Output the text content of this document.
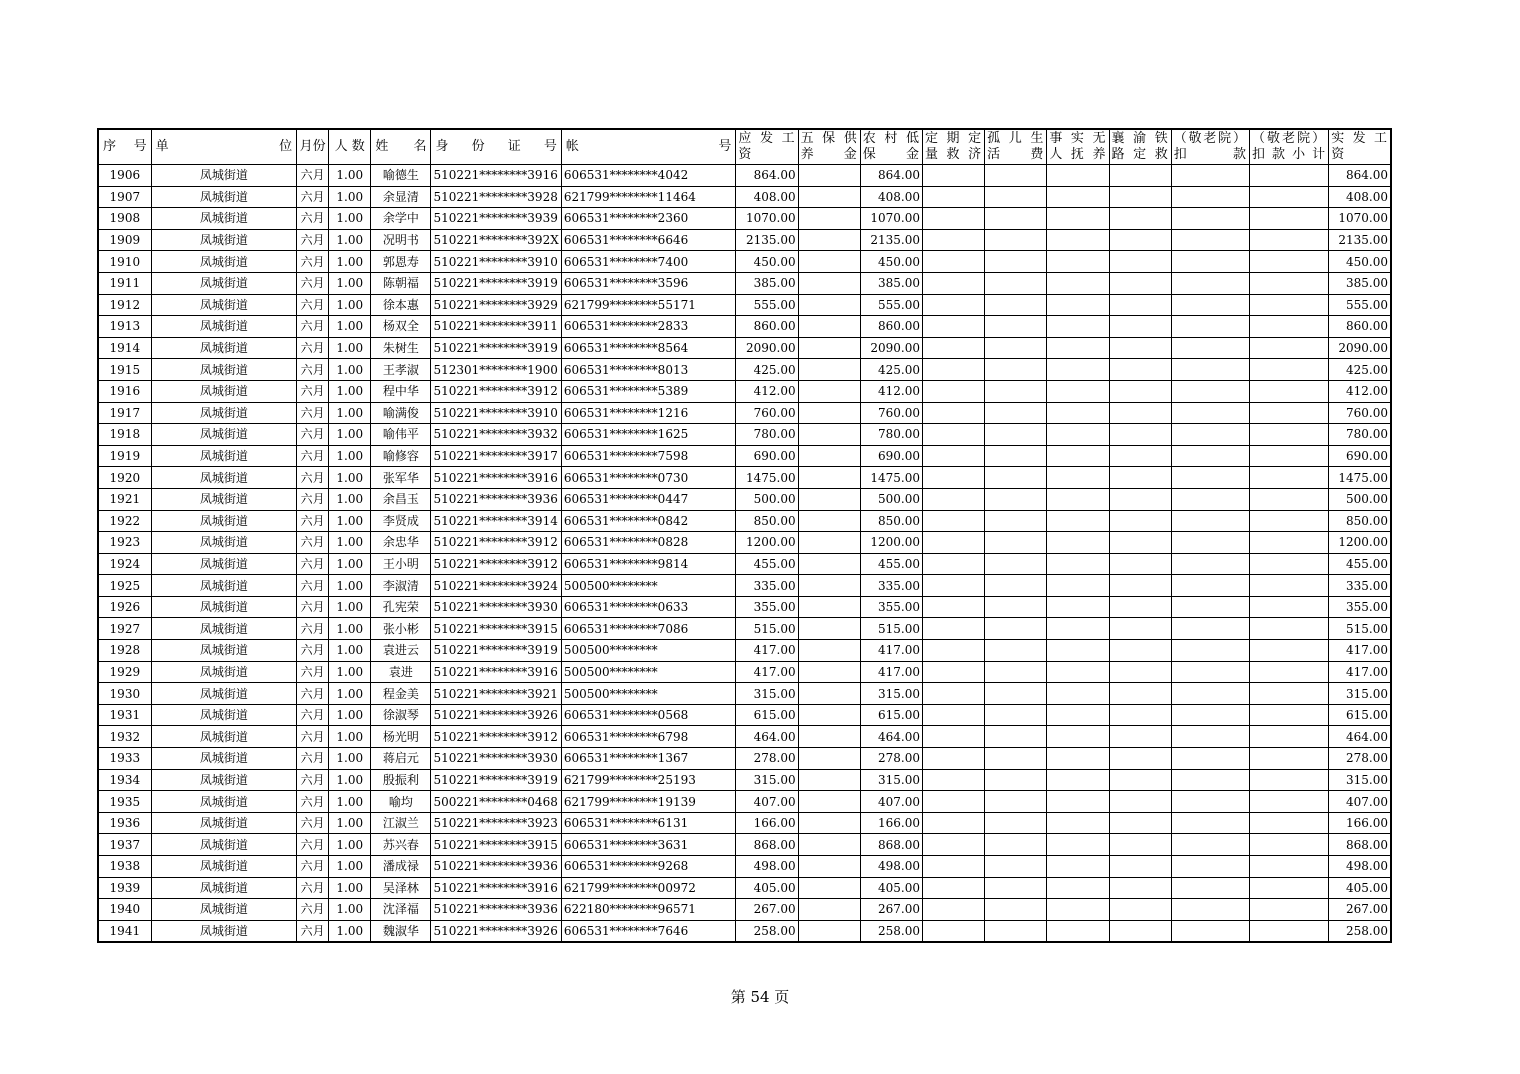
序 号	单 位	月份	人 数	姓 名	身 份 证 号	帐 号	应 发 工 资	五 保 供 养 金	农 村 低 保 金	定 期 定 量 救 济	孤 儿 生 活 费	事 实 无 人 抚 养	襄 渝 铁 路 定 救	（敬老院） 扣 款	（敬老院） 扣 款 小 计	实 发 工 资
1906	凤城街道	六月	1.00	喻德生	510221********3916	606531********4042	864.00		864.00							864.00
1907	凤城街道	六月	1.00	余显清	510221********3928	621799********11464	408.00		408.00							408.00
1908	凤城街道	六月	1.00	余学中	510221********3939	606531********2360	1070.00		1070.00							1070.00
1909	凤城街道	六月	1.00	况明书	510221********392X	606531********6646	2135.00		2135.00							2135.00
1910	凤城街道	六月	1.00	郭恩寿	510221********3910	606531********7400	450.00		450.00							450.00
1911	凤城街道	六月	1.00	陈朝福	510221********3919	606531********3596	385.00		385.00							385.00
1912	凤城街道	六月	1.00	徐本惠	510221********3929	621799********55171	555.00		555.00							555.00
1913	凤城街道	六月	1.00	杨双全	510221********3911	606531********2833	860.00		860.00							860.00
1914	凤城街道	六月	1.00	朱树生	510221********3919	606531********8564	2090.00		2090.00							2090.00
1915	凤城街道	六月	1.00	王孝淑	512301********1900	606531********8013	425.00		425.00							425.00
1916	凤城街道	六月	1.00	程中华	510221********3912	606531********5389	412.00		412.00							412.00
1917	凤城街道	六月	1.00	喻满俊	510221********3910	606531********1216	760.00		760.00							760.00
1918	凤城街道	六月	1.00	喻伟平	510221********3932	606531********1625	780.00		780.00							780.00
1919	凤城街道	六月	1.00	喻修容	510221********3917	606531********7598	690.00		690.00							690.00
1920	凤城街道	六月	1.00	张军华	510221********3916	606531********0730	1475.00		1475.00							1475.00
1921	凤城街道	六月	1.00	余昌玉	510221********3936	606531********0447	500.00		500.00							500.00
1922	凤城街道	六月	1.00	李贤成	510221********3914	606531********0842	850.00		850.00							850.00
1923	凤城街道	六月	1.00	余忠华	510221********3912	606531********0828	1200.00		1200.00							1200.00
1924	凤城街道	六月	1.00	王小明	510221********3912	606531********9814	455.00		455.00							455.00
1925	凤城街道	六月	1.00	李淑清	510221********3924	500500********	335.00		335.00							335.00
1926	凤城街道	六月	1.00	孔宪荣	510221********3930	606531********0633	355.00		355.00							355.00
1927	凤城街道	六月	1.00	张小彬	510221********3915	606531********7086	515.00		515.00							515.00
1928	凤城街道	六月	1.00	袁进云	510221********3919	500500********	417.00		417.00							417.00
1929	凤城街道	六月	1.00	袁进	510221********3916	500500********	417.00		417.00							417.00
1930	凤城街道	六月	1.00	程金美	510221********3921	500500********	315.00		315.00							315.00
1931	凤城街道	六月	1.00	徐淑琴	510221********3926	606531********0568	615.00		615.00							615.00
1932	凤城街道	六月	1.00	杨光明	510221********3912	606531********6798	464.00		464.00							464.00
1933	凤城街道	六月	1.00	蒋启元	510221********3930	606531********1367	278.00		278.00							278.00
1934	凤城街道	六月	1.00	殷振利	510221********3919	621799********25193	315.00		315.00							315.00
1935	凤城街道	六月	1.00	喻均	500221********0468	621799********19139	407.00		407.00							407.00
1936	凤城街道	六月	1.00	江淑兰	510221********3923	606531********6131	166.00		166.00							166.00
1937	凤城街道	六月	1.00	苏兴春	510221********3915	606531********3631	868.00		868.00							868.00
1938	凤城街道	六月	1.00	潘成禄	510221********3936	606531********9268	498.00		498.00							498.00
1939	凤城街道	六月	1.00	吴泽林	510221********3916	621799********00972	405.00		405.00							405.00
1940	凤城街道	六月	1.00	沈泽福	510221********3936	622180********96571	267.00		267.00							267.00
1941	凤城街道	六月	1.00	魏淑华	510221********3926	606531********7646	258.00		258.00							258.00
第 54 页
